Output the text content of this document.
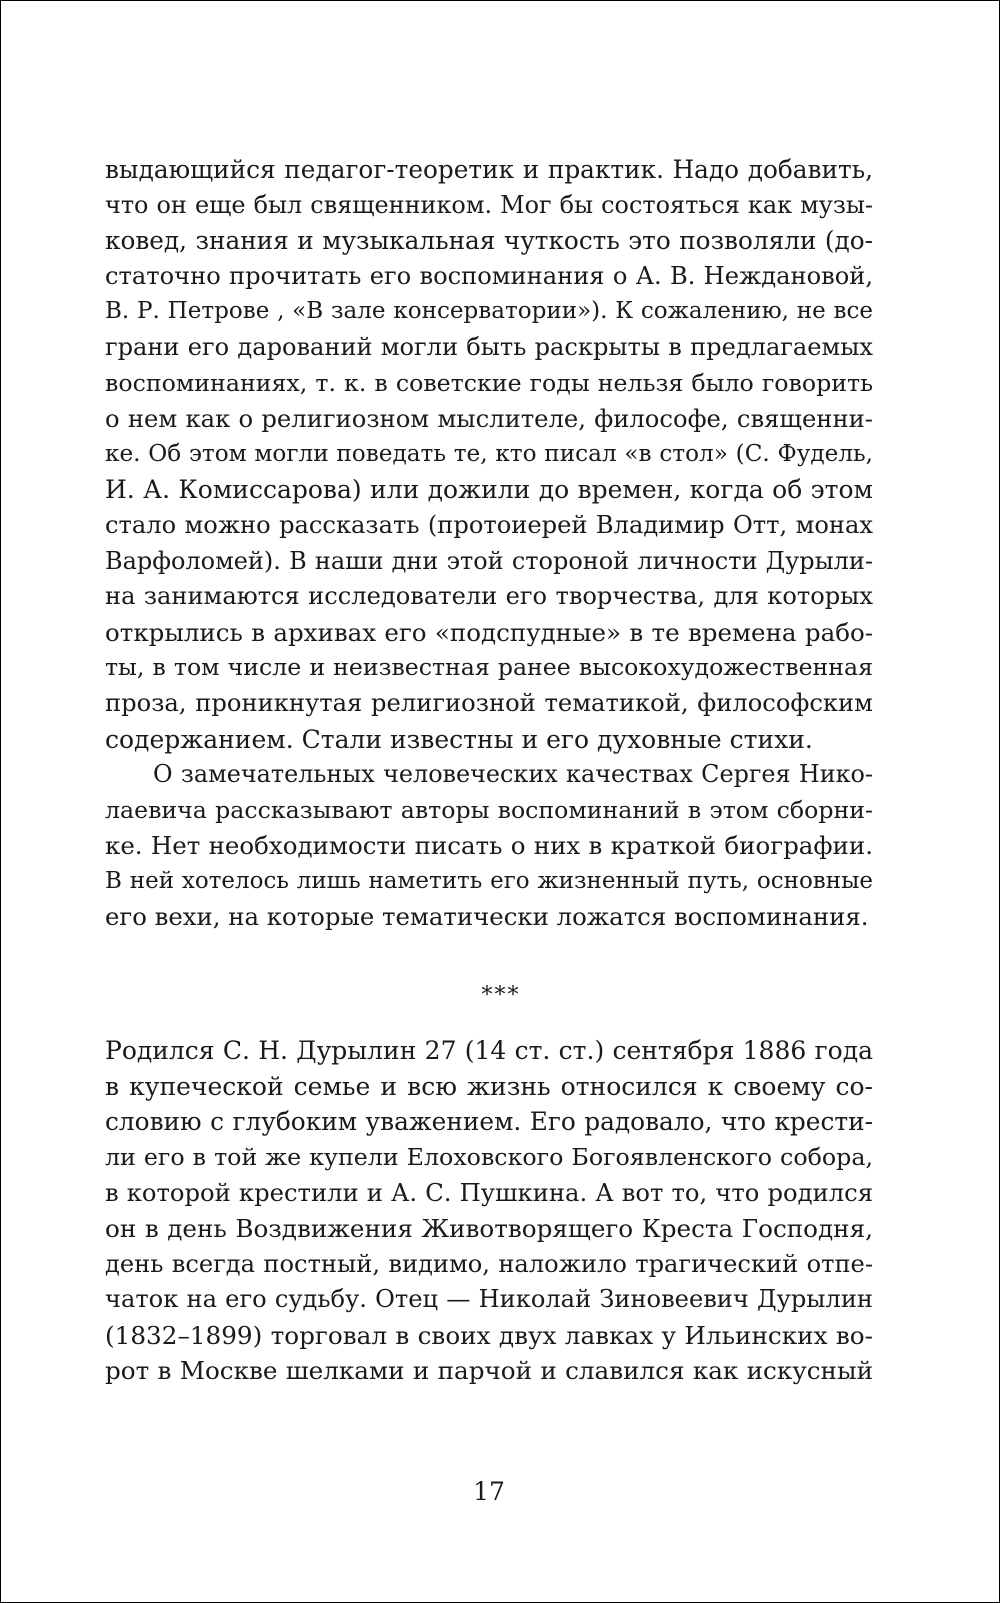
выдающийся педагог-теоретик и практик. Надо добавить,
что он еще был священником. Мог бы состояться как музы-
ковед, знания и музыкальная чуткость это позволяли (до-
статочно прочитать его воспоминания о А. В. Неждановой,
В. Р. Петрове , «В зале консерватории»). К сожалению, не все
грани его дарований могли быть раскрыты в предлагаемых
воспоминаниях, т. к. в советские годы нельзя было говорить
о нем как о религиозном мыслителе, философе, священни-
ке. Об этом могли поведать те, кто писал «в стол» (С. Фудель,
И. А. Комиссарова) или дожили до времен, когда об этом
стало можно рассказать (протоиерей Владимир Отт, монах
Варфоломей). В наши дни этой стороной личности Дурыли-
на занимаются исследователи его творчества, для которых
открылись в архивах его «подспудные» в те времена рабо-
ты, в том числе и неизвестная ранее высокохудожественная
проза, проникнутая религиозной тематикой, философским
содержанием. Стали известны и его духовные стихи.
О замечательных человеческих качествах Сергея Нико-
лаевича рассказывают авторы воспоминаний в этом сборни-
ке. Нет необходимости писать о них в краткой биографии.
В ней хотелось лишь наметить его жизненный путь, основные
его вехи, на которые тематически ложатся воспоминания.
***
Родился С. Н. Дурылин 27 (14 ст. ст.) сентября 1886 года
в купеческой семье и всю жизнь относился к своему со-
словию с глубоким уважением. Его радовало, что крести-
ли его в той же купели Елоховского Богоявленского собора,
в которой крестили и А. С. Пушкина. А вот то, что родился
он в день Воздвижения Животворящего Креста Господня,
день всегда постный, видимо, наложило трагический отпе-
чаток на его судьбу. Отец — Николай Зиновеевич Дурылин
(1832–1899) торговал в своих двух лавках у Ильинских во-
рот в Москве шелками и парчой и славился как искусный
17
